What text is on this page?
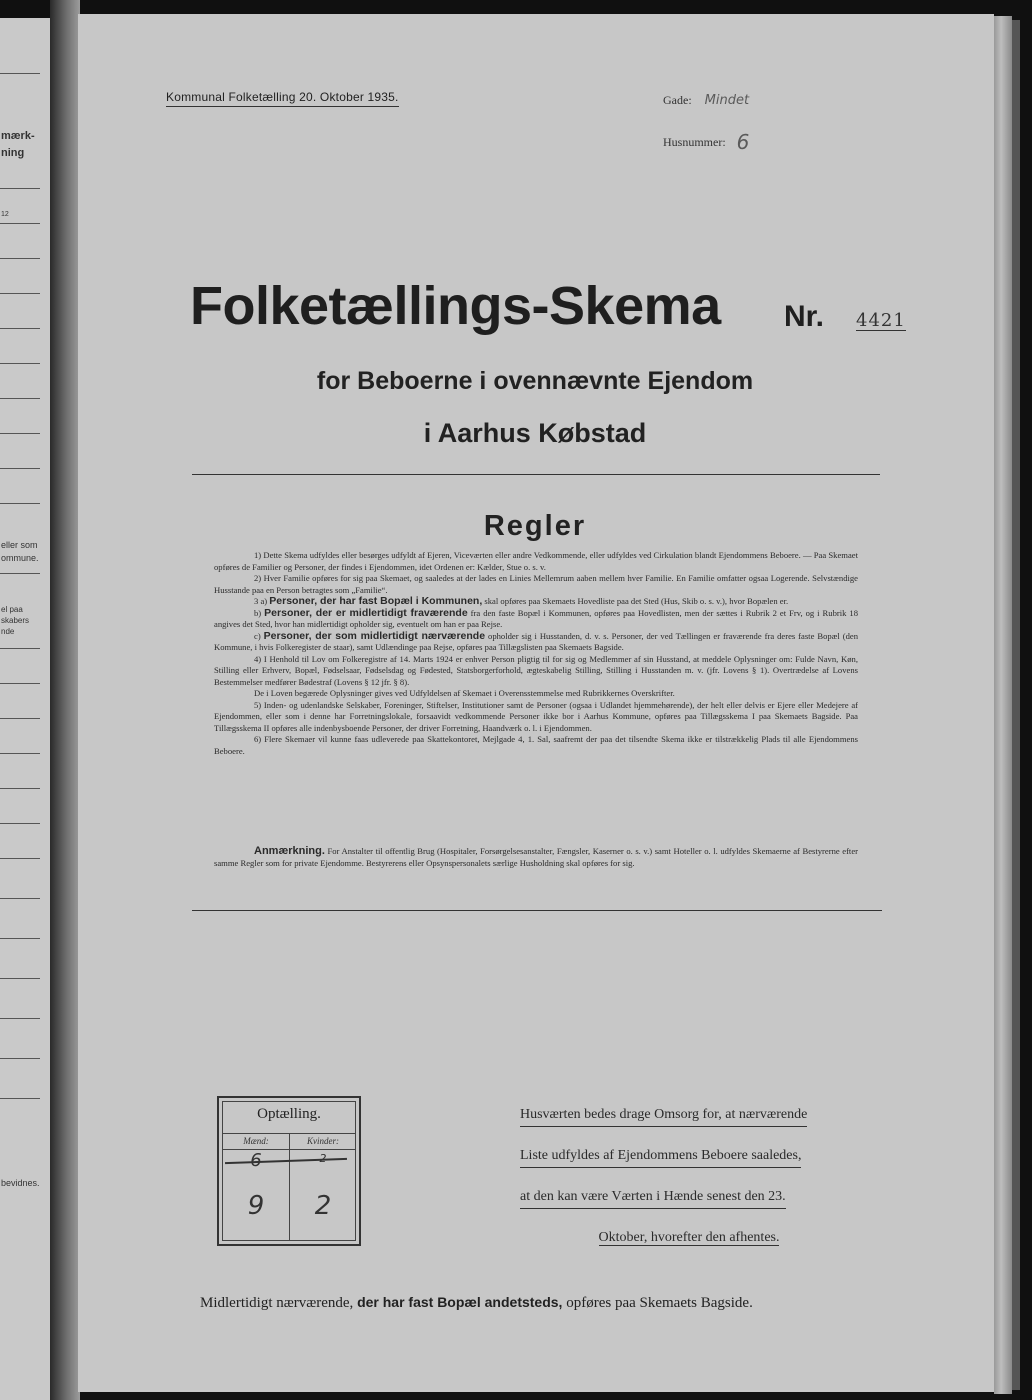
mærk-
ning
12
eller som
ommune.
el paa
skabers
nde
bevidnes.
Kommunal Folketælling 20. Oktober 1935.	Gade: Mindet
Husnummer: 6
Folketællings-Skema	Nr. 4421
for Beboerne i ovennævnte Ejendom
i Aarhus Købstad
Regler

1) Dette Skema udfyldes eller besørges udfyldt af Ejeren, Viceværten eller andre Vedkommende, eller udfyldes ved Cirkulation blandt Ejendommens Beboere. — Paa Skemaet opføres de Familier og Personer, der findes i Ejendommen, idet Ordenen er: Kælder, Stue o. s. v.

2) Hver Familie opføres for sig paa Skemaet, og saaledes at der lades en Linies Mellemrum aaben mellem hver Familie. En Familie omfatter ogsaa Logerende. Selvstændige Husstande paa en Person betragtes som „Familie“.

3 a) Personer, der har fast Bopæl i Kommunen, skal opføres paa Skemaets Hovedliste paa det Sted (Hus, Skib o. s. v.), hvor Bopælen er.

b) Personer, der er midlertidigt fraværende fra den faste Bopæl i Kommunen, opføres paa Hovedlisten, men der sættes i Rubrik 2 et Frv, og i Rubrik 18 angives det Sted, hvor han midlertidigt opholder sig, eventuelt om han er paa Rejse.

c) Personer, der som midlertidigt nærværende opholder sig i Husstanden, d. v. s. Personer, der ved Tællingen er fraværende fra deres faste Bopæl (den Kommune, i hvis Folkeregister de staar), samt Udlændinge paa Rejse, opføres paa Tillægslisten paa Skemaets Bagside.

4) I Henhold til Lov om Folkeregistre af 14. Marts 1924 er enhver Person pligtig til for sig og Medlemmer af sin Husstand, at meddele Oplysninger om: Fulde Navn, Køn, Stilling eller Erhverv, Bopæl, Fødselsaar, Fødselsdag og Fødested, Statsborgerforhold, ægteskabelig Stilling, Stilling i Husstanden m. v. (jfr. Lovens § 1). Overtrædelse af Lovens Bestemmelser medfører Bødestraf (Lovens § 12 jfr. § 8).

De i Loven begærede Oplysninger gives ved Udfyldelsen af Skemaet i Overensstemmelse med Rubrikkernes Overskrifter.

5) Inden- og udenlandske Selskaber, Foreninger, Stiftelser, Institutioner samt de Personer (ogsaa i Udlandet hjemmehørende), der helt eller delvis er Ejere eller Medejere af Ejendommen, eller som i denne har Forretningslokale, forsaavidt vedkommende Personer ikke bor i Aarhus Kommune, opføres paa Tillægsskema I paa Skemaets Bagside. Paa Tillægsskema II opføres alle indenbysboende Personer, der driver Forretning, Haandværk o. l. i Ejendommen.

6) Flere Skemaer vil kunne faas udleverede paa Skattekontoret, Mejlgade 4, 1. Sal, saafremt der paa det tilsendte Skema ikke er tilstrækkelig Plads til alle Ejendommens Beboere.

Anmærkning. For Anstalter til offentlig Brug (Hospitaler, Forsørgelsesanstalter, Fængsler, Kaserner o. s. v.) samt Hoteller o. l. udfyldes Skemaerne af Bestyrerne efter samme Regler som for private Ejendomme. Bestyrerens eller Opsynspersonalets særlige Husholdning skal opføres for sig.
Optælling.
Mænd:	Kvinder:
9	2
Husværten bedes drage Omsorg for, at nærværende Liste udfyldes af Ejendommens Beboere saaledes, at den kan være Værten i Hænde senest den 23.
Oktober, hvorefter den afhentes.
Midlertidigt nærværende, der har fast Bopæl andetsteds, opføres paa Skemaets Bagside.
